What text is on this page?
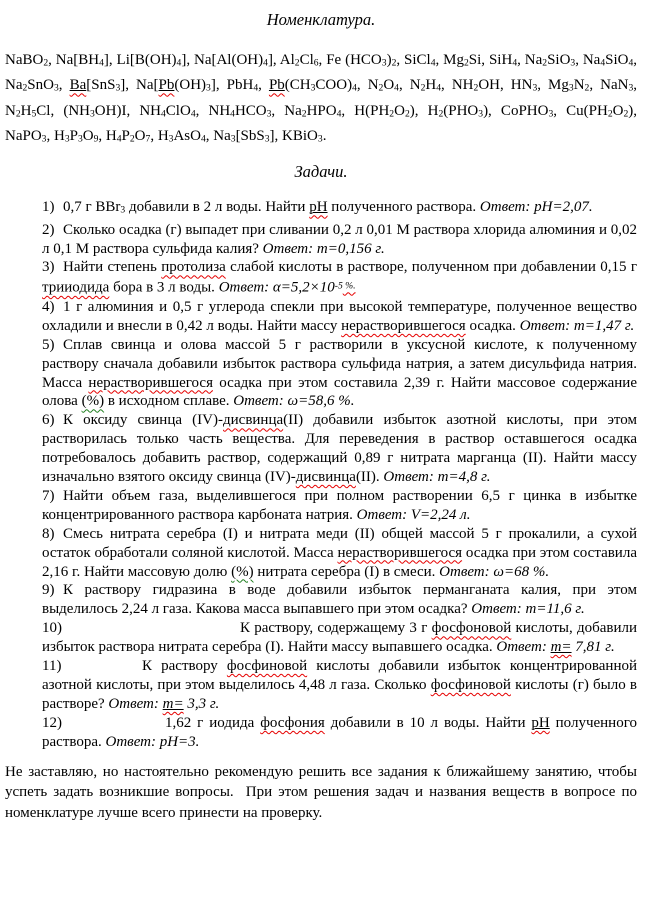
Номенклатура.
NaBO2, Na[BH4], Li[B(OH)4], Na[Al(OH)4], Al2Cl6, Fe (HCO3)2, SiCl4, Mg2Si, SiH4, Na2SiO3, Na4SiO4, Na2SnO3, Ba[SnS3], Na[Pb(OH)3], PbH4, Pb(CH3COO)4, N2O4, N2H4, NH2OH, HN3, Mg3N2, NaN3, N2H5Cl, (NH3OH)I, NH4ClO4, NH4HCO3, Na2HPO4, H(PH2O2), H2(PHO3), CoPHO3, Cu(PH2O2), NaPO3, H3P3O9, H4P2O7, H3AsO4, Na3[SbS3], KBiO3.
Задачи.
1) 0,7 г BBr3 добавили в 2 л воды. Найти рН полученного раствора. Ответ: рН=2,07.
2) Сколько осадка (г) выпадет при сливании 0,2 л 0,01 М раствора хлорида алюминия и 0,02 л 0,1 М раствора сульфида калия? Ответ: m=0,156 г.
3) Найти степень протолиза слабой кислоты в растворе, полученном при добавлении 0,15 г трииодида бора в 3 л воды. Ответ: $\alpha=5,2\times 10^{-5}$ %.
4) 1 г алюминия и 0,5 г углерода спекли при высокой температуре, полученное вещество охладили и внесли в 0,42 л воды. Найти массу нерастворившегося осадка. Ответ: m=1,47 г.
5) Сплав свинца и олова массой 5 г растворили в уксусной кислоте, к полученному раствору сначала добавили избыток раствора сульфида натрия, а затем дисульфида натрия. Масса нерастворившегося осадка при этом составила 2,39 г. Найти массовое содержание олова (%) в исходном сплаве. Ответ: ω=58,6 %.
6) К оксиду свинца (IV)-дисвинца(II) добавили избыток азотной кислоты, при этом растворилась только часть вещества. Для переведения в раствор оставшегося осадка потребовалось добавить раствор, содержащий 0,89 г нитрата марганца (II). Найти массу изначально взятого оксиду свинца (IV)-дисвинца(II). Ответ: m=4,8 г.
7) Найти объем газа, выделившегося при полном растворении 6,5 г цинка в избытке концентрированного раствора карбоната натрия. Ответ: V=2,24 л.
8) Смесь нитрата серебра (I) и нитрата меди (II) общей массой 5 г прокалили, а сухой остаток обработали соляной кислотой. Масса нерастворившегося осадка при этом составила 2,16 г. Найти массовую долю (%) нитрата серебра (I) в смеси. Ответ: ω=68 %.
9) К раствору гидразина в воде добавили избыток перманганата калия, при этом выделилось 2,24 л газа. Какова масса выпавшего при этом осадка? Ответ: m=11,6 г.
10)	К раствору, содержащему 3 г фосфоновой кислоты, добавили избыток раствора нитрата серебра (I). Найти массу выпавшего осадка. Ответ: m= 7,81 г.
11)	К раствору фосфиновой кислоты добавили избыток концентрированной азотной кислоты, при этом выделилось 4,48 л газа. Сколько фосфиновой кислоты (г) было в растворе? Ответ: m= 3,3 г.
12)	1,62 г иодида фосфония добавили в 10 л воды. Найти рН полученного раствора. Ответ: рН=3.
Не заставляю, но настоятельно рекомендую решить все задания к ближайшему занятию, чтобы успеть задать возникшие вопросы.  При этом решения задач и названия веществ в вопросе по номенклатуре лучше всего принести на проверку.
